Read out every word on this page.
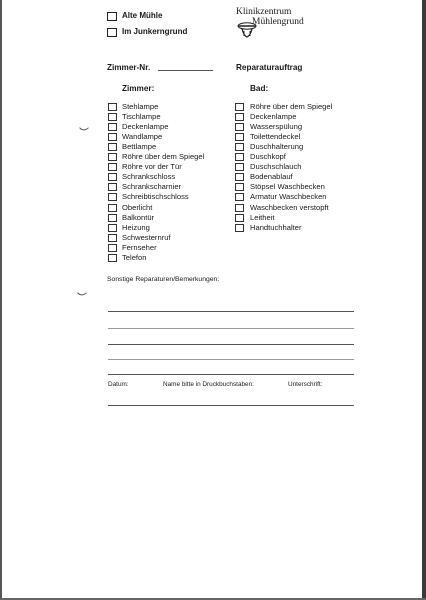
Alte Mühle
Im Junkerngrund
Klinikzentrum
Mühlengrund
Zimmer-Nr.	Reparaturauftrag
Zimmer:	Bad:
Stehlampe
Tischlampe
Deckenlampe
Wandlampe
Bettlampe
Röhre über dem Spiegel
Röhre vor der Tür
Schrankschloss
Schrankscharnier
Schreibtischschloss
Oberlicht
Balkontür
Heizung
Schwesternruf
Fernseher
Telefon
Röhre über dem Spiegel
Deckenlampe
Wasserspülung
Toilettendeckel
Duschhalterung
Duschkopf
Duschschlauch
Bodenablauf
Stöpsel Waschbecken
Armatur Waschbecken
Waschbecken verstopft
Leitheit
Handtuchhalter
Sonstige Reparaturen/Bemerkungen:
Datum:	Name bitte in Druckbuchstaben:	Unterschrift:
